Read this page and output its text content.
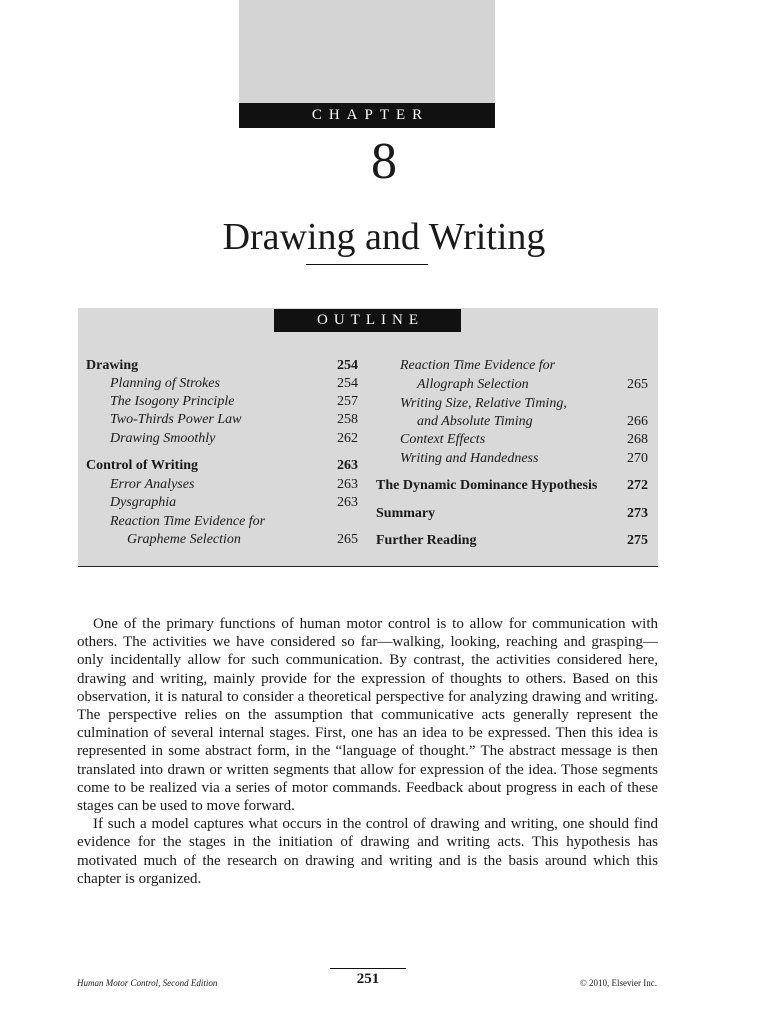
CHAPTER
8
Drawing and Writing
OUTLINE
Drawing	254
Planning of Strokes	254
The Isogony Principle	257
Two-Thirds Power Law	258
Drawing Smoothly	262
Control of Writing	263
Error Analyses	263
Dysgraphia	263
Reaction Time Evidence for
Grapheme Selection	265
Reaction Time Evidence for
Allograph Selection	265
Writing Size, Relative Timing,
and Absolute Timing	266
Context Effects	268
Writing and Handedness	270
The Dynamic Dominance Hypothesis	272
Summary	273
Further Reading	275

One of the primary functions of human motor control is to allow for communication with others. The activities we have considered so far—walking, looking, reaching and grasping—only incidentally allow for such communication. By contrast, the activities considered here, drawing and writing, mainly provide for the expression of thoughts to others. Based on this observation, it is natural to consider a theoretical perspective for analyzing drawing and writing. The perspective relies on the assumption that communicative acts generally represent the culmination of several internal stages. First, one has an idea to be expressed. Then this idea is represented in some abstract form, in the “language of thought.” The abstract message is then translated into drawn or written segments that allow for expression of the idea. Those segments come to be realized via a series of motor commands. Feedback about progress in each of these stages can be used to move forward.

If such a model captures what occurs in the control of drawing and writing, one should find evidence for the stages in the initiation of drawing and writing acts. This hypothesis has motivated much of the research on drawing and writing and is the basis around which this chapter is organized.

Human Motor Control, Second Edition	251	© 2010, Elsevier Inc.
